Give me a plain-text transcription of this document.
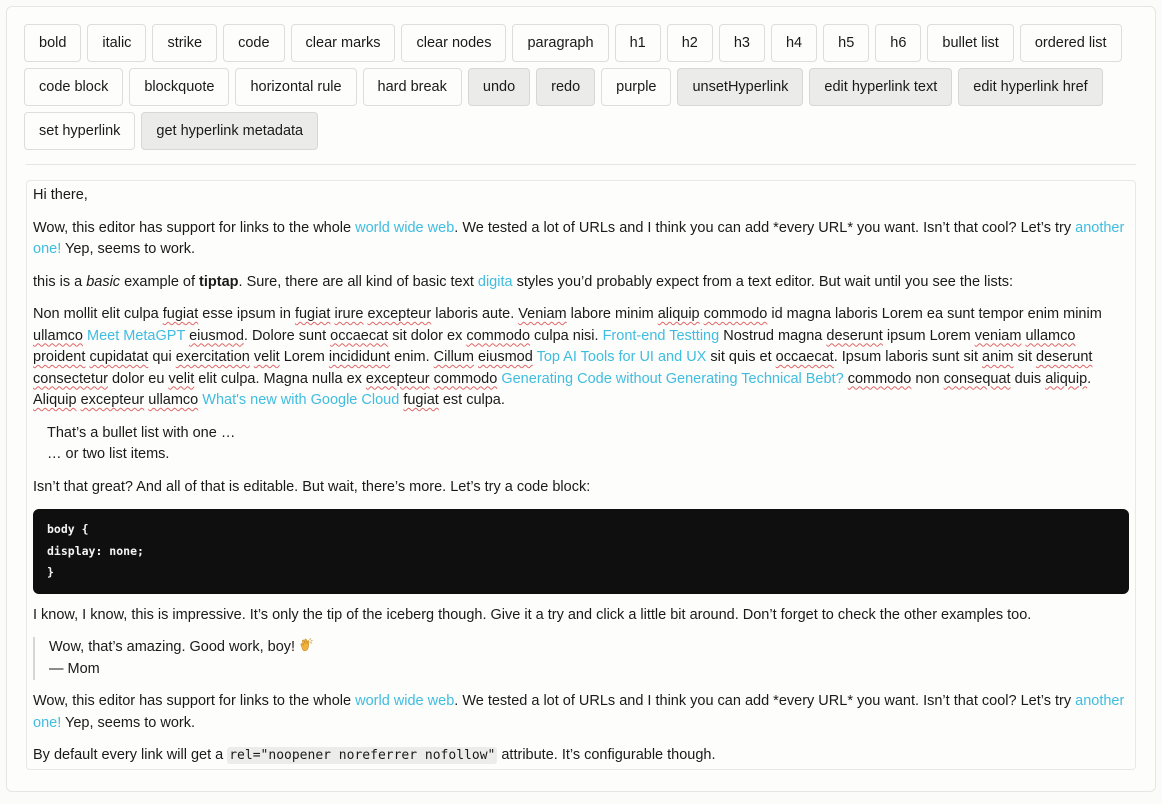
bold	italic	strike	code	clear marks	clear nodes	paragraph	h1	h2	h3	h4	h5	h6	bullet list	ordered list
code block	blockquote	horizontal rule	hard break	undo	redo	purple	unsetHyperlink	edit hyperlink text	edit hyperlink href
set hyperlink	get hyperlink metadata

Hi there,

Wow, this editor has support for links to the whole world wide web. We tested a lot of URLs and I think you can add *every URL* you want. Isn’t that cool? Let’s try another one! Yep, seems to work.

this is a basic example of tiptap. Sure, there are all kind of basic text digita styles you’d probably expect from a text editor. But wait until you see the lists:

Non mollit elit culpa fugiat esse ipsum in fugiat irure excepteur laboris aute. Veniam labore minim aliquip commodo id magna laboris Lorem ea sunt tempor enim minim ullamco Meet MetaGPT eiusmod. Dolore sunt occaecat sit dolor ex commodo culpa nisi. Front-end Testting Nostrud magna deserunt ipsum Lorem veniam ullamco proident cupidatat qui exercitation velit Lorem incididunt enim. Cillum eiusmod Top AI Tools for UI and UX sit quis et occaecat. Ipsum laboris sunt sit anim sit deserunt consectetur dolor eu velit elit culpa. Magna nulla ex excepteur commodo Generating Code without Generating Technical Bebt? commodo non consequat duis aliquip. Aliquip excepteur ullamco What's new with Google Cloud fugiat est culpa.

That’s a bullet list with one …
… or two list items.

Isn’t that great? And all of that is editable. But wait, there’s more. Let’s try a code block:

body {
display: none;
}

I know, I know, this is impressive. It’s only the tip of the iceberg though. Give it a try and click a little bit around. Don’t forget to check the other examples too.

Wow, that’s amazing. Good work, boy!
— Mom

Wow, this editor has support for links to the whole world wide web. We tested a lot of URLs and I think you can add *every URL* you want. Isn’t that cool? Let’s try another one! Yep, seems to work.

By default every link will get a rel="noopener noreferrer nofollow" attribute. It’s configurable though.
